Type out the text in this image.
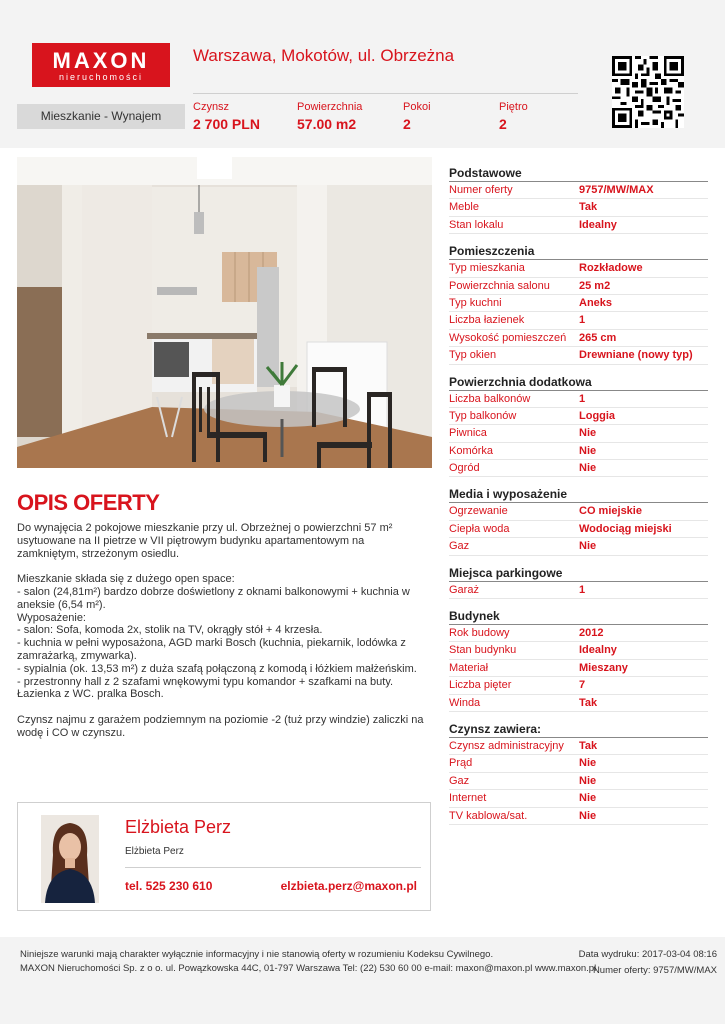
MAXON
nieruchomości
Warszawa, Mokotów, ul. Obrzeżna
Mieszkanie - Wynajem
Czynsz
2 700 PLN
Powierzchnia
57.00 m2
Pokoi
2
Piętro
2
OPIS OFERTY
Do wynajęcia 2 pokojowe mieszkanie przy ul. Obrzeżnej o powierzchni 57 m² usytuowane na II pietrze w VII piętrowym budynku apartamentowym na zamkniętym, strzeżonym osiedlu.

Mieszkanie składa się z dużego open space:
- salon (24,81m²) bardzo dobrze doświetlony z oknami balkonowymi + kuchnia w aneksie (6,54 m²).
Wyposażenie:
- salon: Sofa, komoda 2x, stolik na TV, okrągły stół + 4 krzesła.
- kuchnia w pełni wyposażona, AGD marki Bosch (kuchnia, piekarnik, lodówka z zamrażarką, zmywarka).
- sypialnia (ok. 13,53 m²) z duża szafą połączoną z komodą i łóżkiem małżeńskim.
- przestronny hall z 2 szafami wnękowymi typu komandor + szafkami na buty.
Łazienka z WC. pralka Bosch.

Czynsz najmu z garażem podziemnym na poziomie -2 (tuż przy windzie) zaliczki na wodę i CO w czynszu.
Elżbieta Perz
Elżbieta Perz
tel. 525 230 610	elzbieta.perz@maxon.pl
Podstawowe
Numer oferty	9757/MW/MAX
Meble	Tak
Stan lokalu	Idealny
Pomieszczenia
Typ mieszkania	Rozkładowe
Powierzchnia salonu	25 m2
Typ kuchni	Aneks
Liczba łazienek	1
Wysokość pomieszczeń 265 cm
Typ okien	Drewniane (nowy typ)
Powierzchnia dodatkowa
Liczba balkonów	1
Typ balkonów	Loggia
Piwnica	Nie
Komórka	Nie
Ogród	Nie
Media i wyposażenie
Ogrzewanie	CO miejskie
Ciepła woda	Wodociąg miejski
Gaz	Nie
Miejsca parkingowe
Garaż	1
Budynek
Rok budowy	2012
Stan budynku	Idealny
Materiał	Mieszany
Liczba pięter	7
Winda	Tak
Czynsz zawiera:
Czynsz administracyjny Tak
Prąd	Nie
Gaz	Nie
Internet	Nie
TV kablowa/sat.	Nie
Niniejsze warunki mają charakter wyłącznie informacyjny i nie stanowią oferty w rozumieniu Kodeksu Cywilnego.
MAXON Nieruchomości Sp. z o o. ul. Powązkowska 44C, 01-797 Warszawa Tel: (22) 530 60 00 e-mail: maxon@maxon.pl www.maxon.pl
Data wydruku: 2017-03-04 08:16
Numer oferty: 9757/MW/MAX
